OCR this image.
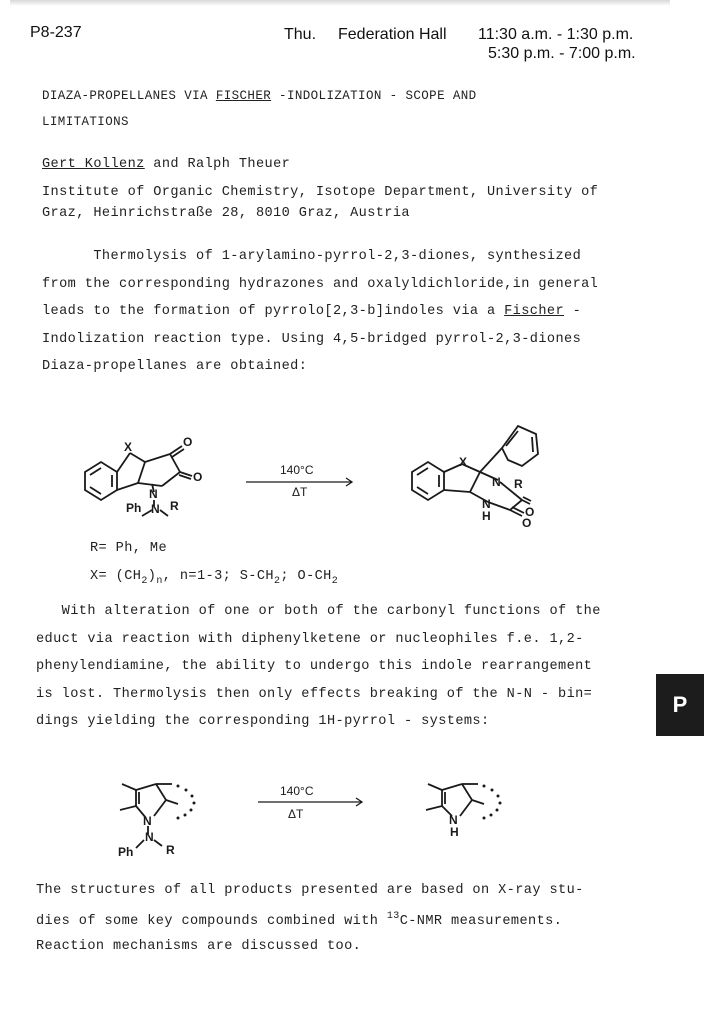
P8-237	Thu. Federation Hall 11:30 a.m. - 1:30 p.m.
5:30 p.m. - 7:00 p.m.
DIAZA-PROPELLANES VIA FISCHER -INDOLIZATION - SCOPE AND
LIMITATIONS
Gert Kollenz and Ralph Theuer
Institute of Organic Chemistry, Isotope Department, University of
Graz, Heinrichstraße 28, 8010 Graz, Austria
Thermolysis of 1-arylamino-pyrrol-2,3-diones, synthesized
from the corresponding hydrazones and oxalyldichloride,in general
leads to the formation of pyrrolo[2,3-b]indoles via a Fischer -
Indolization reaction type. Using 4,5-bridged pyrrol-2,3-diones
Diaza-propellanes are obtained:
X	O
O
N
N R
Ph
140°C
ΔT
X
N R
N
H	O
O
R= Ph, Me
$X= (CH_2)_n$, n=1-3; $S-CH_2$; $O-CH_2$
With alteration of one or both of the carbonyl functions of the
educt via reaction with diphenylketene or nucleophiles f.e. 1,2-
phenylendiamine, the ability to undergo this indole rearrangement
is lost. Thermolysis then only effects breaking of the N-N - bin=
dings yielding the corresponding 1H-pyrrol - systems:
N
N
R
Ph
140°C
ΔT	N
H
The structures of all products presented are based on X-ray stu-
dies of some key compounds combined with $^{13}$C-NMR measurements.
Reaction mechanisms are discussed too.
P
